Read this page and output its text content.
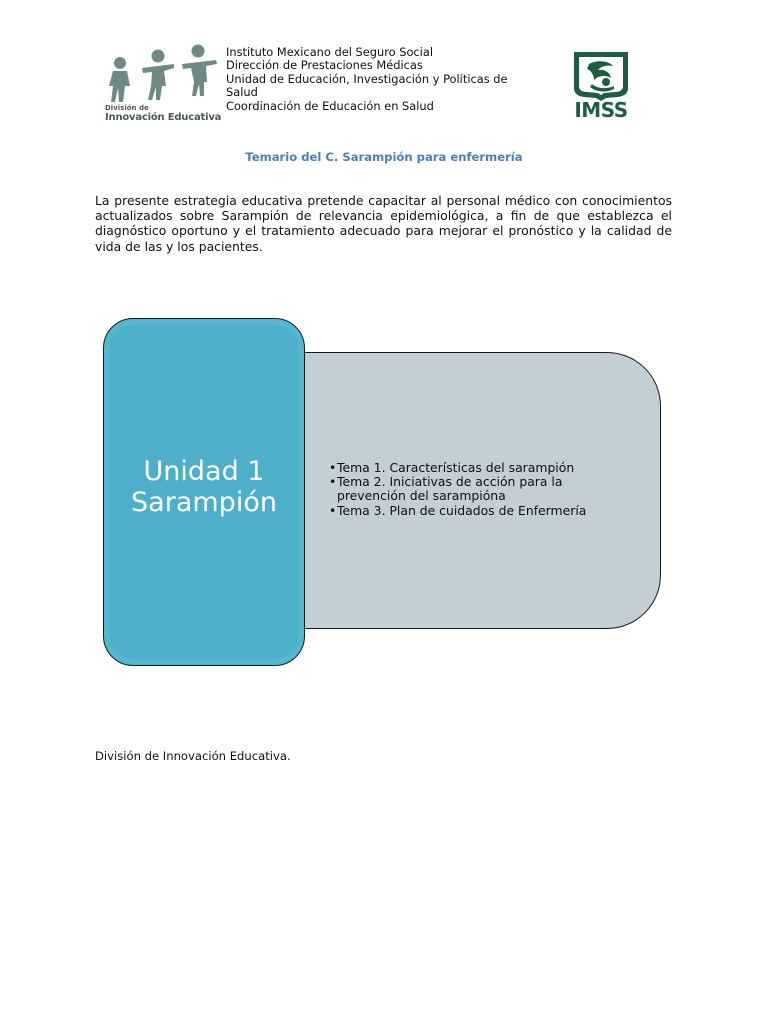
División de
Innovación Educativa
Instituto Mexicano del Seguro Social
Dirección de Prestaciones Médicas
Unidad de Educación, Investigación y Políticas de
Salud
Coordinación de Educación en Salud	IMSS
Temario del C. Sarampión para enfermería
La presente estrategia educativa pretende capacitar al personal médico con conocimientos actualizados sobre Sarampión de relevancia epidemiológica, a fin de que establezca el diagnóstico oportuno y el tratamiento adecuado para mejorar el pronóstico y la calidad de vida de las y los pacientes.
Unidad 1
Sarampión
• Tema 1. Características del sarampión
• Tema 2. Iniciativas de acción para la prevención del sarampióna
• Tema 3. Plan de cuidados de Enfermería
División de Innovación Educativa.
